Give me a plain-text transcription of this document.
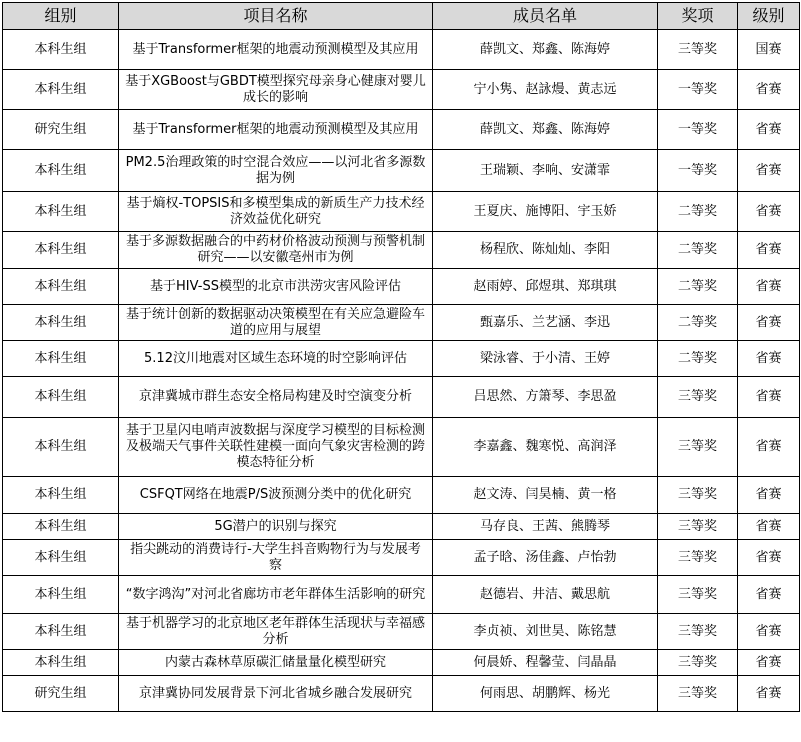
组别	项目名称	成员名单	奖项	级别
本科生组	基于Transformer框架的地震动预测模型及其应用	薛凯文、郑鑫、陈海婷	三等奖	国赛
本科生组	基于XGBoost与GBDT模型探究母亲身心健康对婴儿成长的影响	宁小隽、赵詠熳、黄志远	一等奖	省赛
研究生组	基于Transformer框架的地震动预测模型及其应用	薛凯文、郑鑫、陈海婷	一等奖	省赛
本科生组	PM2.5治理政策的时空混合效应——以河北省多源数据为例	王瑞颖、李响、安潇霏	一等奖	省赛
本科生组	基于熵权-TOPSIS和多模型集成的新质生产力技术经济效益优化研究	王夏庆、施博阳、宇玉娇	二等奖	省赛
本科生组	基于多源数据融合的中药材价格波动预测与预警机制研究——以安徽亳州市为例	杨程欣、陈灿灿、李阳	二等奖	省赛
本科生组	基于HIV-SS模型的北京市洪涝灾害风险评估	赵雨婷、邱煜琪、郑琪琪	二等奖	省赛
本科生组	基于统计创新的数据驱动决策模型在有关应急避险车道的应用与展望	甄嘉乐、兰艺涵、李迅	二等奖	省赛
本科生组	5.12汶川地震对区域生态环境的时空影响评估	梁泳睿、于小清、王婷	二等奖	省赛
本科生组	京津冀城市群生态安全格局构建及时空演变分析	吕思然、方箫琴、李思盈	三等奖	省赛
本科生组	基于卫星闪电哨声波数据与深度学习模型的目标检测及极端天气事件关联性建模一面向气象灾害检测的跨模态特征分析	李嘉鑫、魏寒悦、高润泽	三等奖	省赛
本科生组	CSFQT网络在地震P/S波预测分类中的优化研究	赵文涛、闫昊楠、黄一格	三等奖	省赛
本科生组	5G潜户的识别与探究	马存良、王茜、熊腾琴	三等奖	省赛
本科生组	指尖跳动的消费诗行-大学生抖音购物行为与发展考察	孟子晗、汤佳鑫、卢怡勃	三等奖	省赛
本科生组	“数字鸿沟”对河北省廊坊市老年群体生活影响的研究	赵德岩、井洁、戴思航	三等奖	省赛
本科生组	基于机器学习的北京地区老年群体生活现状与幸福感分析	李贞祯、刘世昊、陈铭慧	三等奖	省赛
本科生组	内蒙古森林草原碳汇储量量化模型研究	何晨娇、程馨莹、闫晶晶	三等奖	省赛
研究生组	京津冀协同发展背景下河北省城乡融合发展研究	何雨思、胡鹏辉、杨光	三等奖	省赛
